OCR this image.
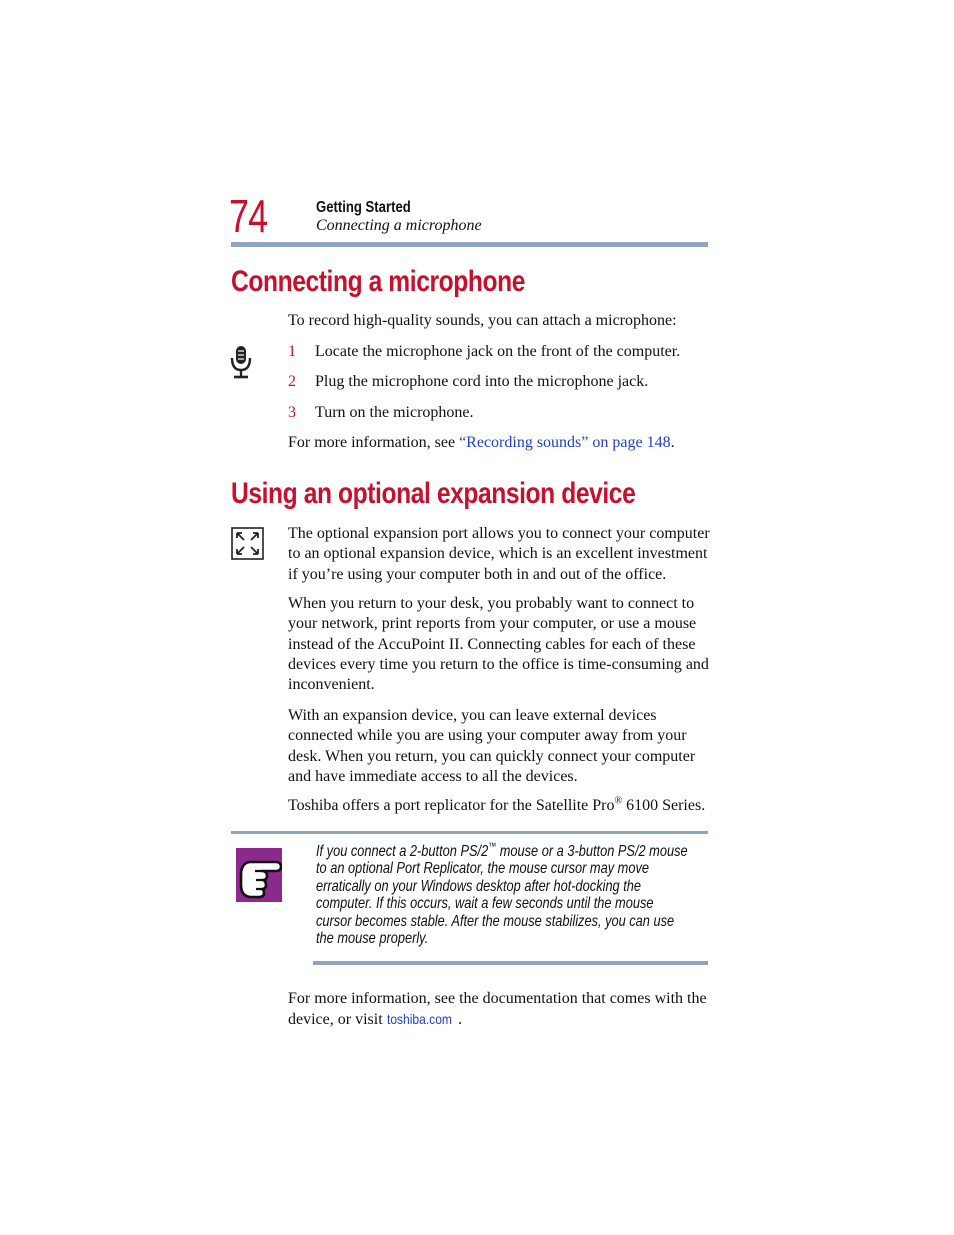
74	Getting Started
Connecting a microphone
Connecting a microphone
To record high-quality sounds, you can attach a microphone:
1 Locate the microphone jack on the front of the computer.
2 Plug the microphone cord into the microphone jack.
3 Turn on the microphone.
For more information, see “Recording sounds” on page 148.
Using an optional expansion device
The optional expansion port allows you to connect your computer to an optional expansion device, which is an excellent investment if you’re using your computer both in and out of the office.
When you return to your desk, you probably want to connect to your network, print reports from your computer, or use a mouse instead of the AccuPoint II. Connecting cables for each of these devices every time you return to the office is time-consuming and inconvenient.
With an expansion device, you can leave external devices connected while you are using your computer away from your desk. When you return, you can quickly connect your computer and have immediate access to all the devices.
Toshiba offers a port replicator for the Satellite Pro® 6100 Series.
If you connect a 2-button PS/2™ mouse or a 3-button PS/2 mouse to an optional Port Replicator, the mouse cursor may move erratically on your Windows desktop after hot-docking the computer. If this occurs, wait a few seconds until the mouse cursor becomes stable. After the mouse stabilizes, you can use the mouse properly.
For more information, see the documentation that comes with the device, or visit toshiba.com .
